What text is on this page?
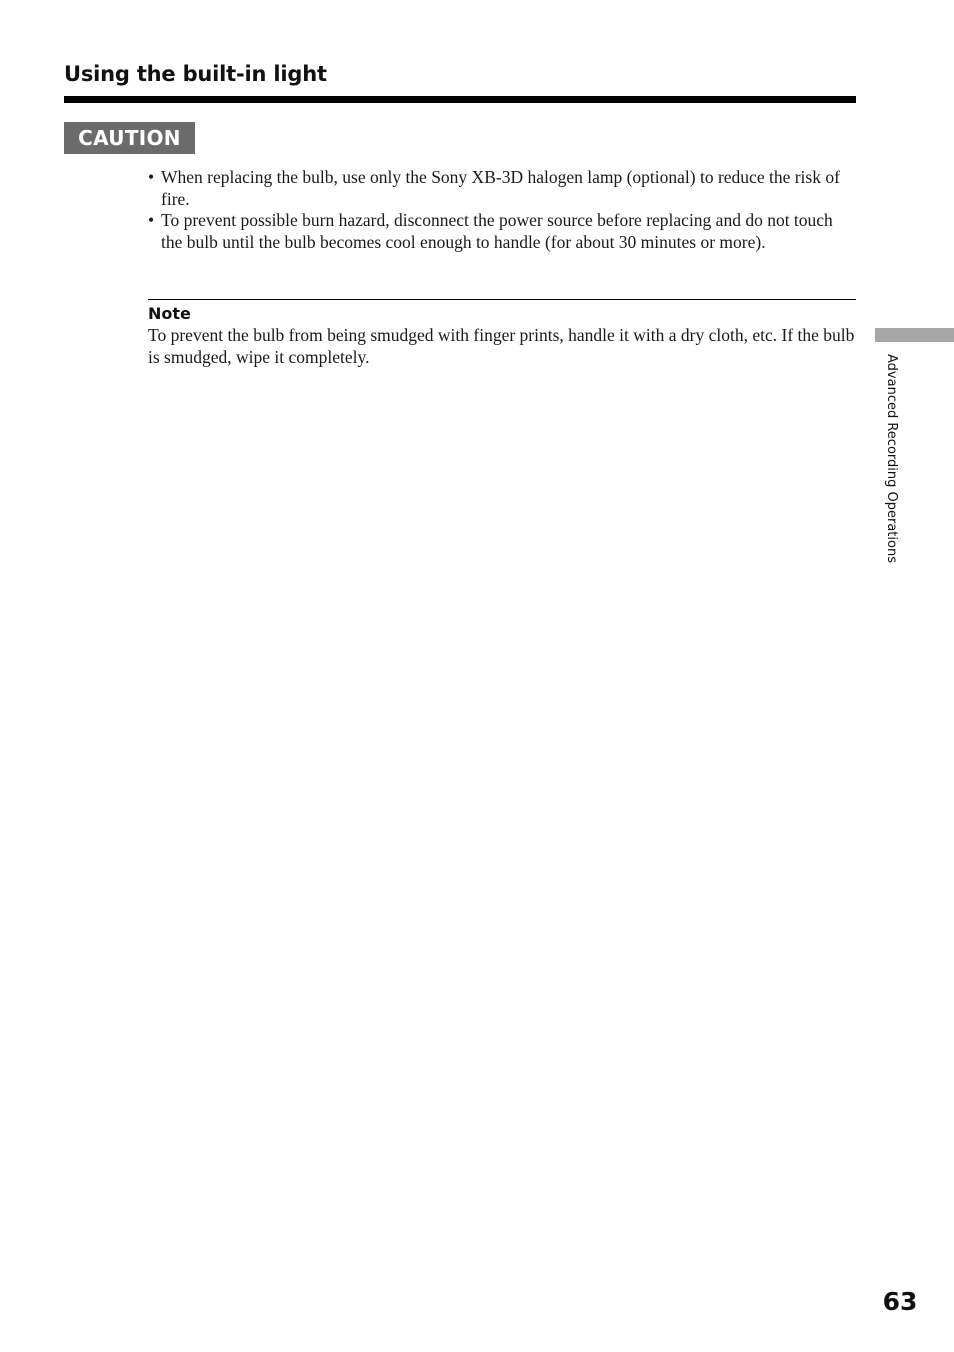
Using the built-in light
CAUTION
• When replacing the bulb, use only the Sony XB-3D halogen lamp (optional) to reduce the risk of fire.
• To prevent possible burn hazard, disconnect the power source before replacing and do not touch the bulb until the bulb becomes cool enough to handle (for about 30 minutes or more).
Note

To prevent the bulb from being smudged with finger prints, handle it with a dry cloth, etc. If the bulb is smudged, wipe it completely.	Advanced Recording Operations
63
